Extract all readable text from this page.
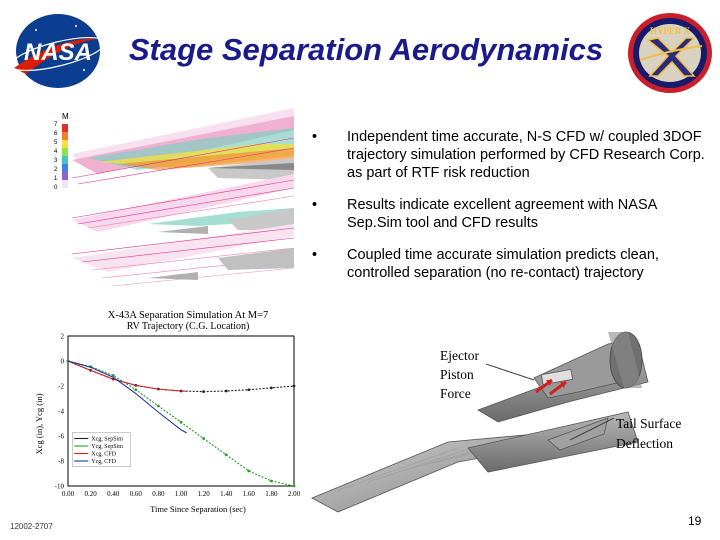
NASA	Stage Separation Aerodynamics
HYPER X
M
7
6
5
4
3
2
1
0
• Independent time accurate, N-S CFD w/ coupled 3DOF trajectory simulation performed by CFD Research Corp. as part of RTF risk reduction
• Results indicate excellent agreement with NASA Sep.Sim tool and CFD results
• Coupled time accurate simulation predicts clean, controlled separation (no re-contact) trajectory
X-43A Separation Simulation At M=7
RV Trajectory (C.G. Location)
0.00 0.20 0.40 0.60 0.80 1.00 1.20 1.40 1.60 1.80 2.00
2
0
-2
-4
-6
-8
-10
Xcg, SepSim
Ycg, SepSim
Xcg, CFD
Ycg, CFD
Time Since Separation (sec)
Xcg (in), Ycg (in)
Ejector Piston Force
Tail Surface Deflection
12002-2707	19
